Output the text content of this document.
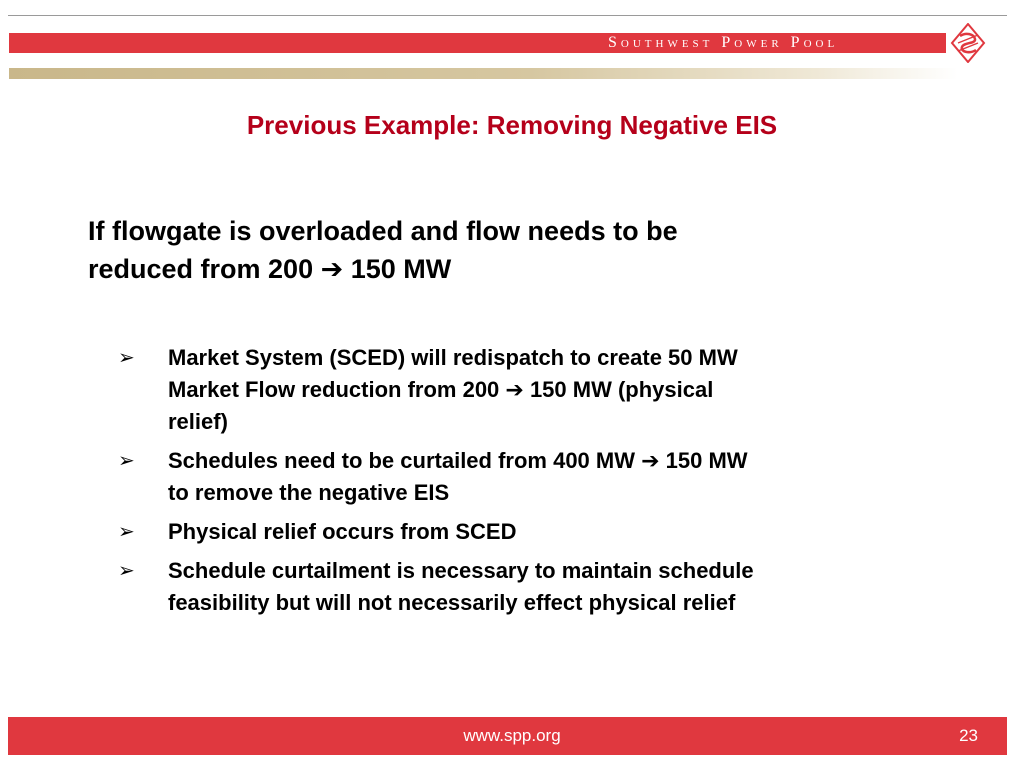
Southwest Power Pool
Previous Example: Removing Negative EIS
If flowgate is overloaded and flow needs to be
reduced from 200 ➔ 150 MW
➢ Market System (SCED) will redispatch to create 50 MW
Market Flow reduction from 200 ➔ 150 MW (physical
relief)
➢ Schedules need to be curtailed from 400 MW ➔ 150 MW
to remove the negative EIS
➢ Physical relief occurs from SCED
➢ Schedule curtailment is necessary to maintain schedule
feasibility but will not necessarily effect physical relief
www.spp.org	23
